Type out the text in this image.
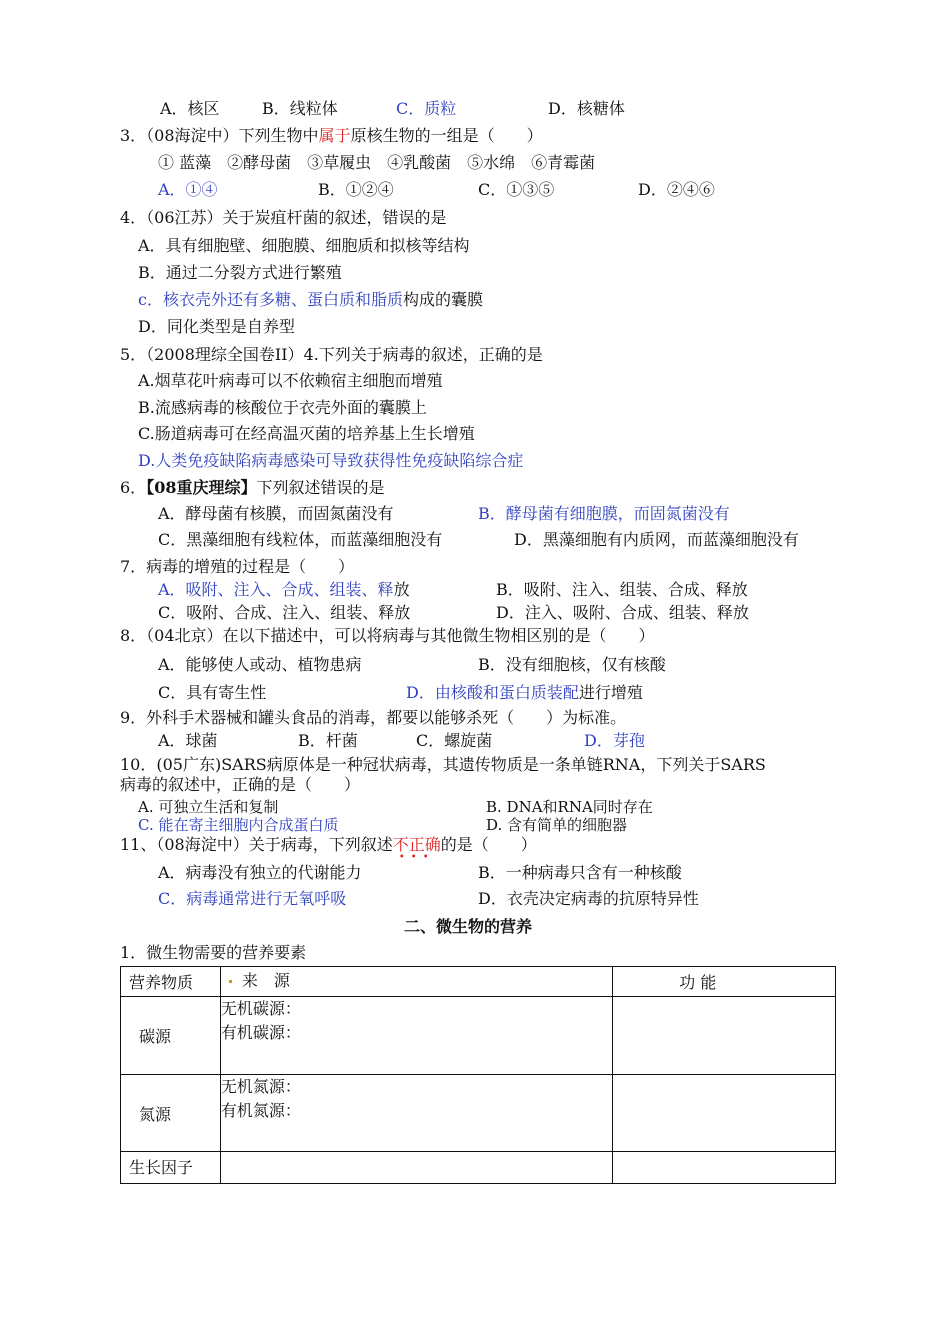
A．核区	B．线粒体	C．质粒	D．核糖体
3．（08海淀中）下列生物中属于原核生物的一组是（　　）
① 蓝藻　②酵母菌　③草履虫　④乳酸菌　⑤水绵　⑥青霉菌
A．①④	B．①②④	C．①③⑤	D．②④⑥
4．（06江苏）关于炭疽杆菌的叙述，错误的是
A．具有细胞壁、细胞膜、细胞质和拟核等结构
B．通过二分裂方式进行繁殖
c．核衣壳外还有多糖、蛋白质和脂质构成的囊膜
D．同化类型是自养型
5．（2008理综全国卷II）4.下列关于病毒的叙述，正确的是
A.烟草花叶病毒可以不依赖宿主细胞而增殖
B.流感病毒的核酸位于衣壳外面的囊膜上
C.肠道病毒可在经高温灭菌的培养基上生长增殖
D.人类免疫缺陷病毒感染可导致获得性免疫缺陷综合症
6．【08重庆理综】下列叙述错误的是
A．酵母菌有核膜，而固氮菌没有	B．酵母菌有细胞膜，而固氮菌没有
C．黑藻细胞有线粒体，而蓝藻细胞没有	D．黑藻细胞有内质网，而蓝藻细胞没有
7．病毒的增殖的过程是（　　）
A．吸附、注入、合成、组装、释放	B．吸附、注入、组装、合成、释放
C．吸附、合成、注入、组装、释放	D．注入、吸附、合成、组装、释放
8．（04北京）在以下描述中，可以将病毒与其他微生物相区别的是（　　）
A．能够使人或动、植物患病	B．没有细胞核，仅有核酸
C．具有寄生性	D．由核酸和蛋白质装配进行增殖
9．外科手术器械和罐头食品的消毒，都要以能够杀死（　　）为标准。
A．球菌	B．杆菌	C．螺旋菌	D．芽孢
10．(05广东)SARS病原体是一种冠状病毒，其遗传物质是一条单链RNA，下列关于SARS
病毒的叙述中，正确的是（　　）
A. 可独立生活和复制	B. DNA和RNA同时存在
C. 能在寄主细胞内合成蛋白质	D. 含有简单的细胞器
11、（08海淀中）关于病毒，下列叙述不正确
•••
的是（　　）
A．病毒没有独立的代谢能力	B．一种病毒只含有一种核酸
C．病毒通常进行无氧呼吸	D．衣壳决定病毒的抗原特异性
二、微生物的营养
1．微生物需要的营养要素
营养物质	来　源	功 能
碳源	无机碳源：
有机碳源：	

氮源	无机氮源：
有机氮源：	

生长因子		
